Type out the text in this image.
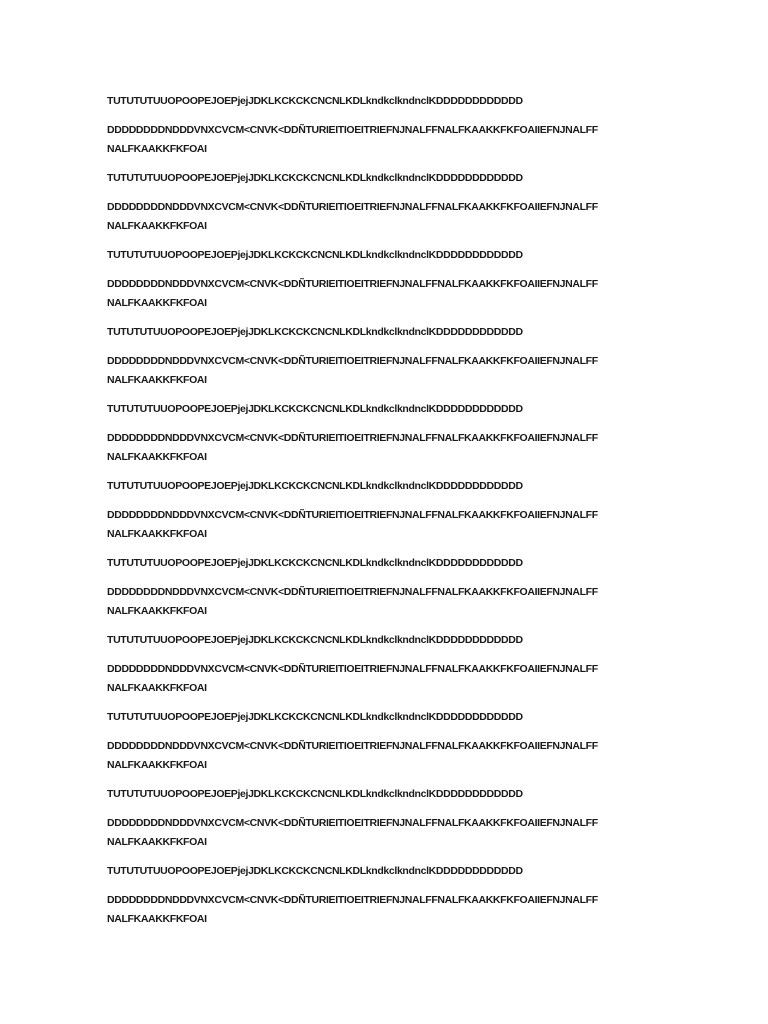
TUTUTUTUUOPOOPEJOEPjejJDKLKCKCKCNCNLKDLkndkclkndnclKDDDDDDDDDDDD

DDDDDDDDNDDDVNXCVCM<CNVK<DDÑTURIEITIOEITRIEFNJNALFFNALFKAAKKFKFOAIIEFNJNALFF
NALFKAAKKFKFOAI

TUTUTUTUUOPOOPEJOEPjejJDKLKCKCKCNCNLKDLkndkclkndnclKDDDDDDDDDDDD

DDDDDDDDNDDDVNXCVCM<CNVK<DDÑTURIEITIOEITRIEFNJNALFFNALFKAAKKFKFOAIIEFNJNALFF
NALFKAAKKFKFOAI

TUTUTUTUUOPOOPEJOEPjejJDKLKCKCKCNCNLKDLkndkclkndnclKDDDDDDDDDDDD

DDDDDDDDNDDDVNXCVCM<CNVK<DDÑTURIEITIOEITRIEFNJNALFFNALFKAAKKFKFOAIIEFNJNALFF
NALFKAAKKFKFOAI

TUTUTUTUUOPOOPEJOEPjejJDKLKCKCKCNCNLKDLkndkclkndnclKDDDDDDDDDDDD

DDDDDDDDNDDDVNXCVCM<CNVK<DDÑTURIEITIOEITRIEFNJNALFFNALFKAAKKFKFOAIIEFNJNALFF
NALFKAAKKFKFOAI

TUTUTUTUUOPOOPEJOEPjejJDKLKCKCKCNCNLKDLkndkclkndnclKDDDDDDDDDDDD

DDDDDDDDNDDDVNXCVCM<CNVK<DDÑTURIEITIOEITRIEFNJNALFFNALFKAAKKFKFOAIIEFNJNALFF
NALFKAAKKFKFOAI

TUTUTUTUUOPOOPEJOEPjejJDKLKCKCKCNCNLKDLkndkclkndnclKDDDDDDDDDDDD

DDDDDDDDNDDDVNXCVCM<CNVK<DDÑTURIEITIOEITRIEFNJNALFFNALFKAAKKFKFOAIIEFNJNALFF
NALFKAAKKFKFOAI

TUTUTUTUUOPOOPEJOEPjejJDKLKCKCKCNCNLKDLkndkclkndnclKDDDDDDDDDDDD

DDDDDDDDNDDDVNXCVCM<CNVK<DDÑTURIEITIOEITRIEFNJNALFFNALFKAAKKFKFOAIIEFNJNALFF
NALFKAAKKFKFOAI

TUTUTUTUUOPOOPEJOEPjejJDKLKCKCKCNCNLKDLkndkclkndnclKDDDDDDDDDDDD

DDDDDDDDNDDDVNXCVCM<CNVK<DDÑTURIEITIOEITRIEFNJNALFFNALFKAAKKFKFOAIIEFNJNALFF
NALFKAAKKFKFOAI

TUTUTUTUUOPOOPEJOEPjejJDKLKCKCKCNCNLKDLkndkclkndnclKDDDDDDDDDDDD

DDDDDDDDNDDDVNXCVCM<CNVK<DDÑTURIEITIOEITRIEFNJNALFFNALFKAAKKFKFOAIIEFNJNALFF
NALFKAAKKFKFOAI

TUTUTUTUUOPOOPEJOEPjejJDKLKCKCKCNCNLKDLkndkclkndnclKDDDDDDDDDDDD

DDDDDDDDNDDDVNXCVCM<CNVK<DDÑTURIEITIOEITRIEFNJNALFFNALFKAAKKFKFOAIIEFNJNALFF
NALFKAAKKFKFOAI

TUTUTUTUUOPOOPEJOEPjejJDKLKCKCKCNCNLKDLkndkclkndnclKDDDDDDDDDDDD

DDDDDDDDNDDDVNXCVCM<CNVK<DDÑTURIEITIOEITRIEFNJNALFFNALFKAAKKFKFOAIIEFNJNALFF
NALFKAAKKFKFOAI
